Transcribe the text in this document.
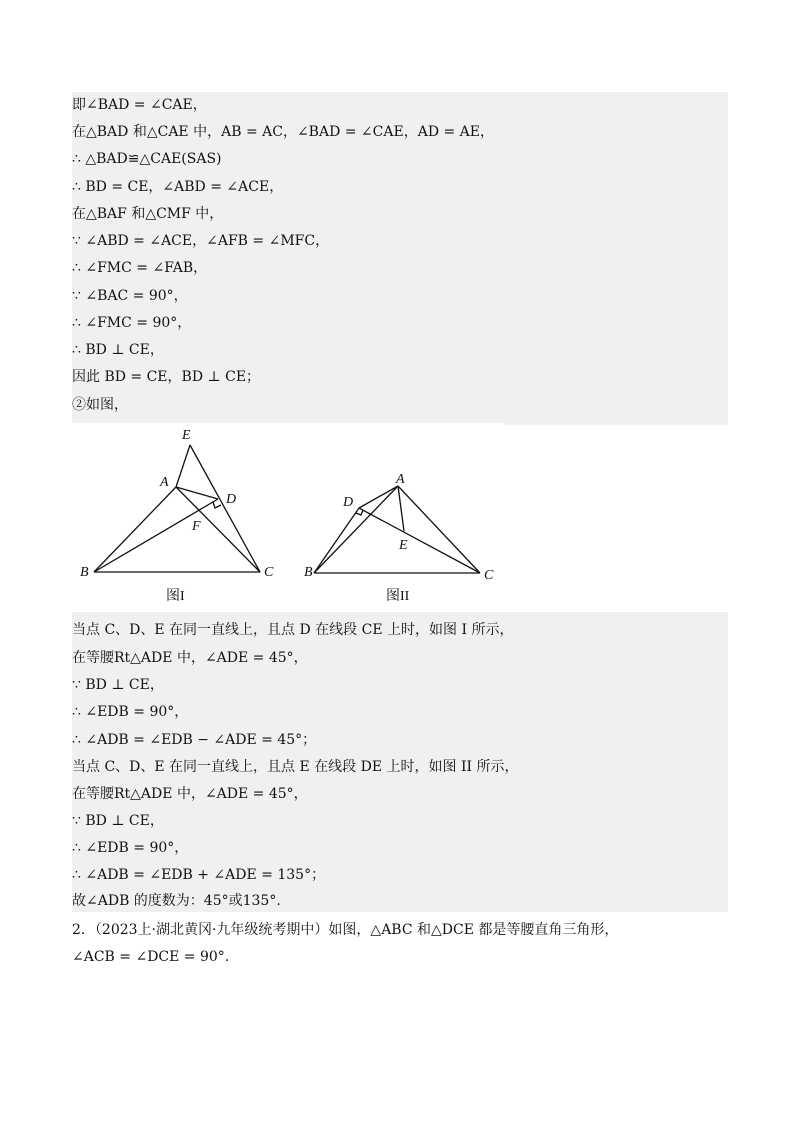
即∠BAD = ∠CAE，
在△BAD 和△CAE 中，AB = AC，∠BAD = ∠CAE，AD = AE，
∴ △BAD≌△CAE(SAS)
∴ BD = CE，∠ABD = ∠ACE，
在△BAF 和△CMF 中，
∵ ∠ABD = ∠ACE，∠AFB = ∠MFC，
∴ ∠FMC = ∠FAB，
∵ ∠BAC = 90°，
∴ ∠FMC = 90°，
∴ BD ⊥ CE，
因此 BD = CE，BD ⊥ CE；
②如图，
E
A
D
F
B	C
图I
A
D
E
B	C
图II
当点 C、D、E 在同一直线上，且点 D 在线段 CE 上时，如图 I 所示，
在等腰Rt△ADE 中，∠ADE = 45°，
∵ BD ⊥ CE，
∴ ∠EDB = 90°，
∴ ∠ADB = ∠EDB − ∠ADE = 45°；
当点 C、D、E 在同一直线上，且点 E 在线段 DE 上时，如图 II 所示，
在等腰Rt△ADE 中，∠ADE = 45°，
∵ BD ⊥ CE，
∴ ∠EDB = 90°，
∴ ∠ADB = ∠EDB + ∠ADE = 135°；
故∠ADB 的度数为：45°或135°.
2．（2023上·湖北黄冈·九年级统考期中）如图，△ABC 和△DCE 都是等腰直角三角形，
∠ACB = ∠DCE = 90°.
